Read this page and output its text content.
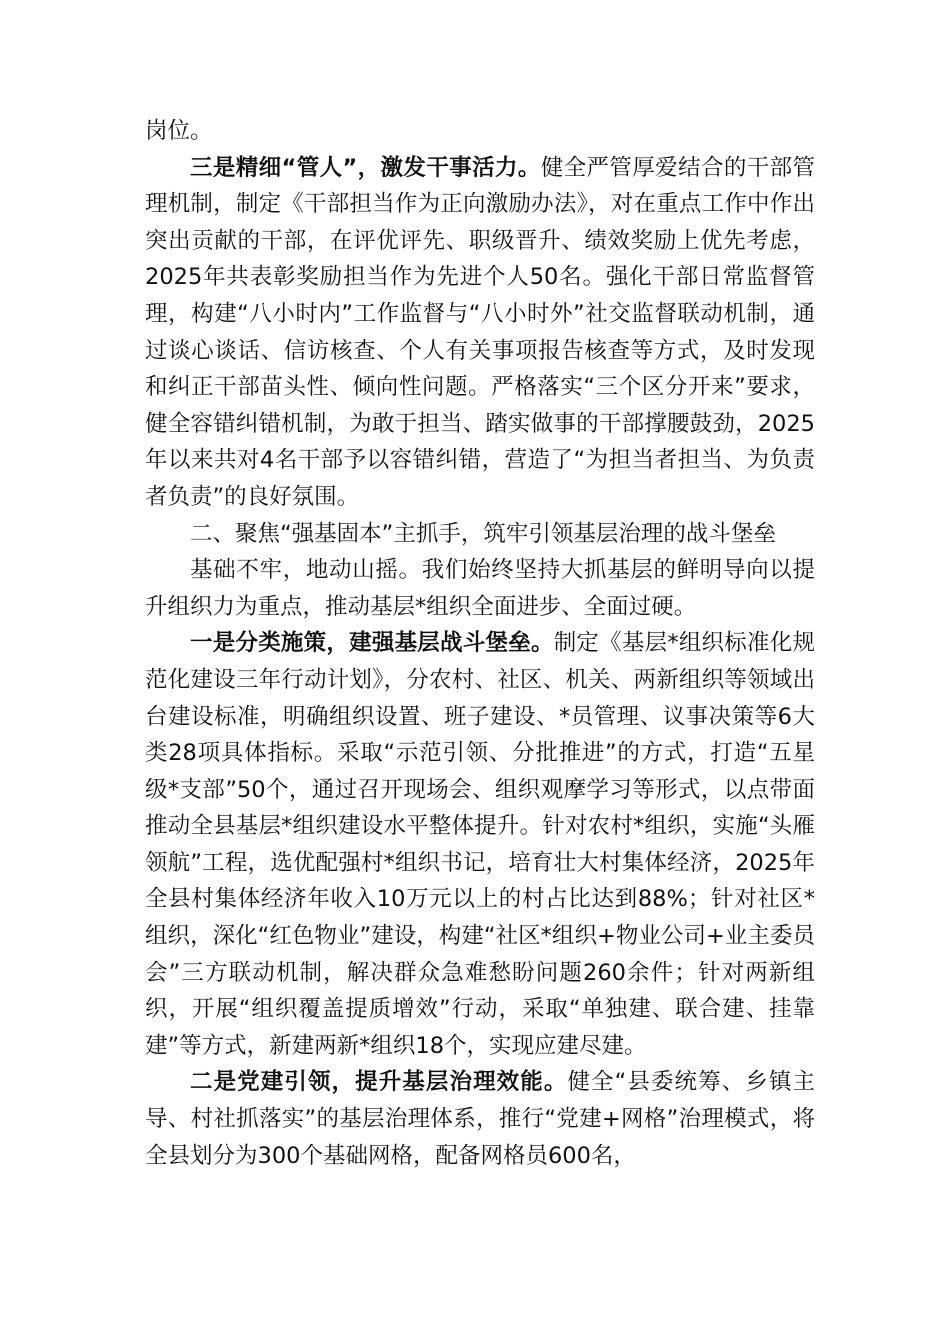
岗位。

三是精细“管人”，激发干事活力。健全严管厚爱结合的干部管理机制，制定《干部担当作为正向激励办法》，对在重点工作中作出突出贡献的干部，在评优评先、职级晋升、绩效奖励上优先考虑，2025年共表彰奖励担当作为先进个人50名。强化干部日常监督管理，构建“八小时内”工作监督与“八小时外”社交监督联动机制，通过谈心谈话、信访核查、个人有关事项报告核查等方式，及时发现和纠正干部苗头性、倾向性问题。严格落实“三个区分开来”要求，健全容错纠错机制，为敢于担当、踏实做事的干部撑腰鼓劲，2025年以来共对4名干部予以容错纠错，营造了“为担当者担当、为负责者负责”的良好氛围。

二、聚焦“强基固本”主抓手，筑牢引领基层治理的战斗堡垒

基础不牢，地动山摇。我们始终坚持大抓基层的鲜明导向以提升组织力为重点，推动基层*组织全面进步、全面过硬。

一是分类施策，建强基层战斗堡垒。制定《基层*组织标准化规范化建设三年行动计划》，分农村、社区、机关、两新组织等领域出台建设标准，明确组织设置、班子建设、*员管理、议事决策等6大类28项具体指标。采取“示范引领、分批推进”的方式，打造“五星级*支部”50个，通过召开现场会、组织观摩学习等形式，以点带面推动全县基层*组织建设水平整体提升。针对农村*组织，实施“头雁领航”工程，选优配强村*组织书记，培育壮大村集体经济，2025年全县村集体经济年收入10万元以上的村占比达到88%；针对社区*组织，深化“红色物业”建设，构建“社区*组织+物业公司+业主委员会”三方联动机制，解决群众急难愁盼问题260余件；针对两新组织，开展“组织覆盖提质增效”行动，采取“单独建、联合建、挂靠建”等方式，新建两新*组织18个，实现应建尽建。

二是党建引领，提升基层治理效能。健全“县委统筹、乡镇主导、村社抓落实”的基层治理体系，推行“党建+网格”治理模式，将全县划分为300个基础网格，配备网格员600名，
